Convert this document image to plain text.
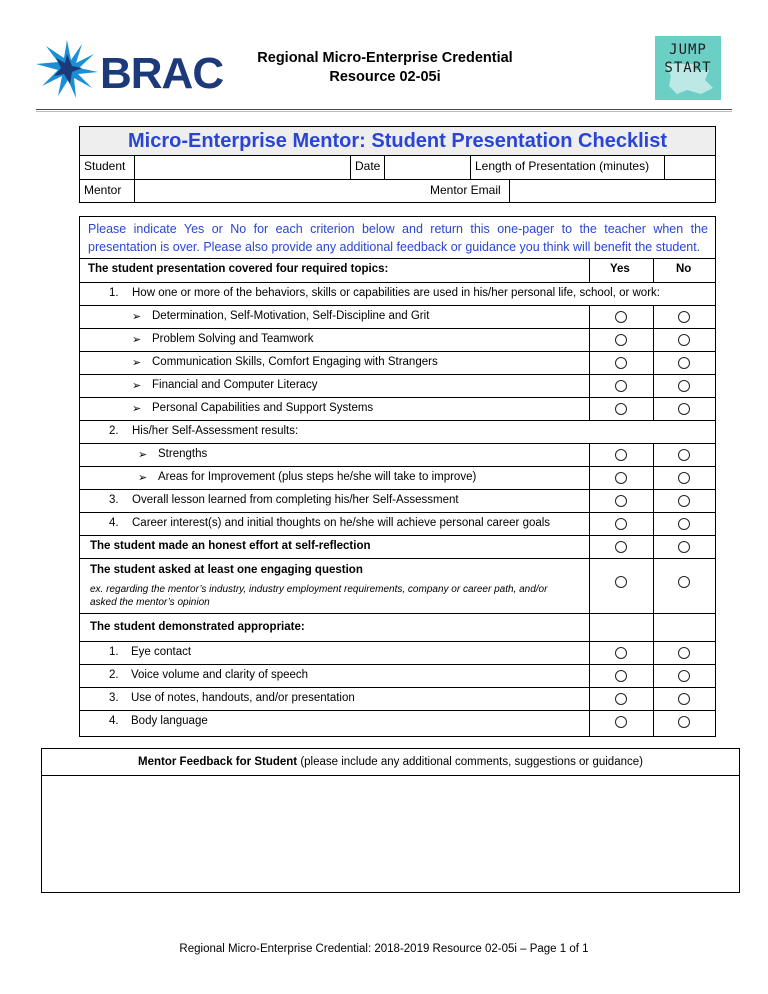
BRAC	Regional Micro-Enterprise Credential
Resource 02-05i
JUMP
START
Micro-Enterprise Mentor: Student Presentation Checklist
Student	Date	Length of Presentation (minutes)
Mentor	Mentor Email
Please indicate Yes or No for each criterion below and return this one-pager to the teacher when the
presentation is over. Please also provide any additional feedback or guidance you think will benefit the student.
The student presentation covered four required topics:	Yes	No
1. How one or more of the behaviors, skills or capabilities are used in his/her personal life, school, or work:
➢ Determination, Self-Motivation, Self-Discipline and Grit
➢ Problem Solving and Teamwork
➢ Communication Skills, Comfort Engaging with Strangers
➢ Financial and Computer Literacy
➢ Personal Capabilities and Support Systems
2. His/her Self-Assessment results:
➢ Strengths
➢ Areas for Improvement (plus steps he/she will take to improve)
3. Overall lesson learned from completing his/her Self-Assessment
4. Career interest(s) and initial thoughts on he/she will achieve personal career goals
The student made an honest effort at self-reflection
The student asked at least one engaging question
ex. regarding the mentor’s industry, industry employment requirements, company or career path, and/or
asked the mentor’s opinion
The student demonstrated appropriate:
1. Eye contact
2. Voice volume and clarity of speech
3. Use of notes, handouts, and/or presentation
4. Body language
Mentor Feedback for Student (please include any additional comments, suggestions or guidance)
Regional Micro-Enterprise Credential: 2018-2019 Resource 02-05i – Page 1 of 1
